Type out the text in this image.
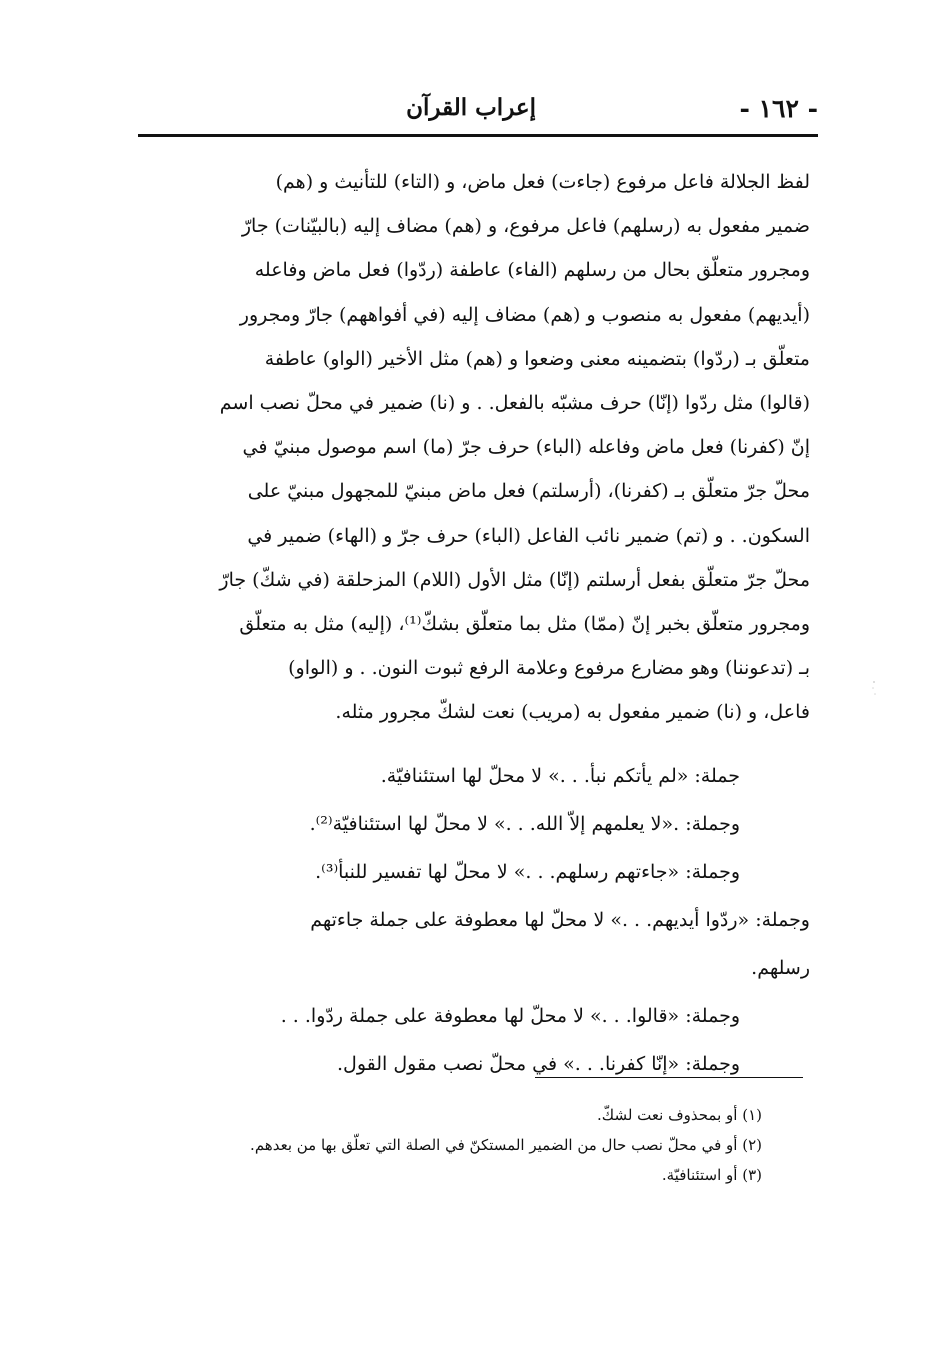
- ١٦٢ -
إعراب القرآن
لفظ الجلالة فاعل مرفوع (جاءت) فعل ماض، و (التاء) للتأنيث و (هم)
ضمير مفعول به (رسلهم) فاعل مرفوع، و (هم) مضاف إليه (بالبيّنات) جارّ
ومجرور متعلّق بحال من رسلهم (الفاء) عاطفة (ردّوا) فعل ماض وفاعله
(أيديهم) مفعول به منصوب و (هم) مضاف إليه (في أفواههم) جارّ ومجرور
متعلّق بـ (ردّوا) بتضمينه معنى وضعوا و (هم) مثل الأخير (الواو) عاطفة
(قالوا) مثل ردّوا (إنّا) حرف مشبّه بالفعل. . و (نا) ضمير في محلّ نصب اسم
إنّ (كفرنا) فعل ماض وفاعله (الباء) حرف جرّ (ما) اسم موصول مبنيّ في
محلّ جرّ متعلّق بـ (كفرنا)، (أرسلتم) فعل ماض مبنيّ للمجهول مبنيّ على
السكون. . و (تم) ضمير نائب الفاعل (الباء) حرف جرّ و (الهاء) ضمير في
محلّ جرّ متعلّق بفعل أرسلتم (إنّا) مثل الأول (اللام) المزحلقة (في شكّ) جارّ
ومجرور متعلّق بخبر إنّ (ممّا) مثل بما متعلّق بشكّ⁽¹⁾، (إليه) مثل به متعلّق
بـ (تدعوننا) وهو مضارع مرفوع وعلامة الرفع ثبوت النون. . و (الواو)
فاعل، و (نا) ضمير مفعول به (مريب) نعت لشكّ مجرور مثله.
جملة: «لم يأتكم نبأ. . .» لا محلّ لها استئنافيّة.
وجملة: .«لا يعلمهم إلاّ الله. . .» لا محلّ لها استئنافيّة⁽²⁾.
وجملة: «جاءتهم رسلهم. . .» لا محلّ لها تفسير للنبأ⁽³⁾.
وجملة: «ردّوا أيديهم. . .» لا محلّ لها معطوفة على جملة جاءتهم
رسلهم.
وجملة: «قالوا. . .» لا محلّ لها معطوفة على جملة ردّوا. . .
وجملة: «إنّا كفرنا. . .» في محلّ نصب مقول القول.
(١) أو بمحذوف نعت لشكّ.
(٢) أو في محلّ نصب حال من الضمير المستكنّ في الصلة التي تعلّق بها من بعدهم.
(٣) أو استئنافيّة.
